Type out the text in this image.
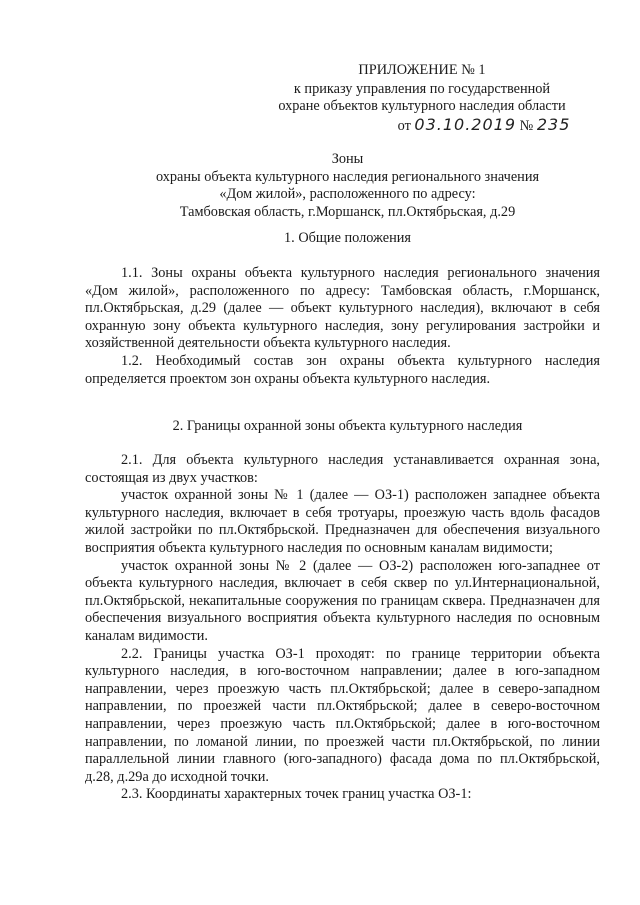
ПРИЛОЖЕНИЕ № 1
к приказу управления по государственной
охране объектов культурного наследия области
от 03.10.2019 № 235
Зоны
охраны объекта культурного наследия регионального значения
«Дом жилой», расположенного по адресу:
Тамбовская область, г.Моршанск, пл.Октябрьская, д.29
1. Общие положения

1.1. Зоны охраны объекта культурного наследия регионального значения «Дом жилой», расположенного по адресу: Тамбовская область, г.Моршанск, пл.Октябрьская, д.29 (далее — объект культурного наследия), включают в себя охранную зону объекта культурного наследия, зону регулирования застройки и хозяйственной деятельности объекта культурного наследия.

1.2. Необходимый состав зон охраны объекта культурного наследия определяется проектом зон охраны объекта культурного наследия.

2. Границы охранной зоны объекта культурного наследия

2.1. Для объекта культурного наследия устанавливается охранная зона, состоящая из двух участков:

участок охранной зоны № 1 (далее — ОЗ-1) расположен западнее объекта культурного наследия, включает в себя тротуары, проезжую часть вдоль фасадов жилой застройки по пл.Октябрьской. Предназначен для обеспечения визуального восприятия объекта культурного наследия по основным каналам видимости;

участок охранной зоны № 2 (далее — ОЗ-2) расположен юго-западнее от объекта культурного наследия, включает в себя сквер по ул.Интернациональной, пл.Октябрьской, некапитальные сооружения по границам сквера. Предназначен для обеспечения визуального восприятия объекта культурного наследия по основным каналам видимости.

2.2. Границы участка ОЗ-1 проходят: по границе территории объекта культурного наследия, в юго-восточном направлении; далее в юго-западном направлении, через проезжую часть пл.Октябрьской; далее в северо-западном направлении, по проезжей части пл.Октябрьской; далее в северо-восточном направлении, через проезжую часть пл.Октябрьской; далее в юго-восточном направлении, по ломаной линии, по проезжей части пл.Октябрьской, по линии параллельной линии главного (юго-западного) фасада дома по пл.Октябрьской, д.28, д.29а до исходной точки.

2.3. Координаты характерных точек границ участка ОЗ-1:
